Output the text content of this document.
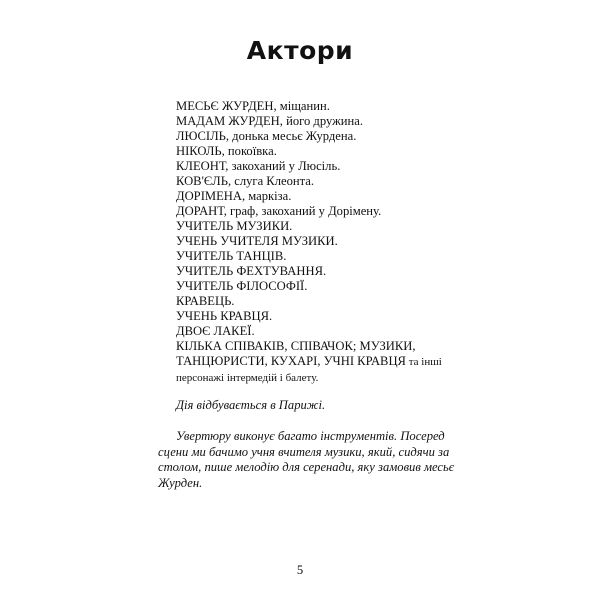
Актори
МЕСЬЄ ЖУРДЕН, міщанин.
МАДАМ ЖУРДЕН, його дружина.
ЛЮСІЛЬ, донька месьє Журдена.
НІКОЛЬ, покоївка.
КЛЕОНТ, закоханий у Люсіль.
КОВ'ЄЛЬ, слуга Клеонта.
ДОРІМЕНА, маркіза.
ДОРАНТ, граф, закоханий у Дорімену.
УЧИТЕЛЬ МУЗИКИ.
УЧЕНЬ УЧИТЕЛЯ МУЗИКИ.
УЧИТЕЛЬ ТАНЦІВ.
УЧИТЕЛЬ ФЕХТУВАННЯ.
УЧИТЕЛЬ ФІЛОСОФІЇ.
КРАВЕЦЬ.
УЧЕНЬ КРАВЦЯ.
ДВОЄ ЛАКЕЇ.
КІЛЬКА СПІВАКІВ, СПІВАЧОК; МУЗИКИ, ТАНЦЮРИСТИ, КУХАРІ, УЧНІ КРАВЦЯ та інші персонажі інтермедій і балету.

Дія відбувається в Парижі.

Увертюру виконує багато інструментів. Посеред сцени ми бачимо учня вчителя музики, який, сидячи за столом, пише мелодію для серенади, яку замовив месьє Журден.

5
